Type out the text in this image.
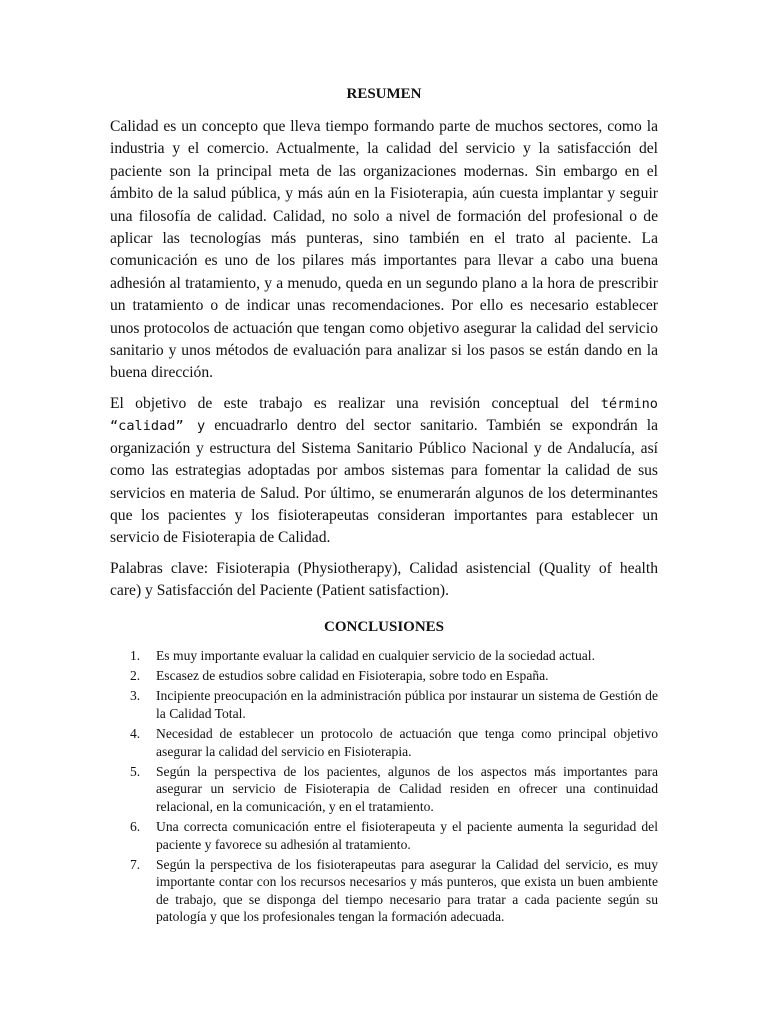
RESUMEN

Calidad es un concepto que lleva tiempo formando parte de muchos sectores, como la industria y el comercio. Actualmente, la calidad del servicio y la satisfacción del paciente son la principal meta de las organizaciones modernas. Sin embargo en el ámbito de la salud pública, y más aún en la Fisioterapia, aún cuesta implantar y seguir una filosofía de calidad. Calidad, no solo a nivel de formación del profesional o de aplicar las tecnologías más punteras, sino también en el trato al paciente. La comunicación es uno de los pilares más importantes para llevar a cabo una buena adhesión al tratamiento, y a menudo, queda en un segundo plano a la hora de prescribir un tratamiento o de indicar unas recomendaciones. Por ello es necesario establecer unos protocolos de actuación que tengan como objetivo asegurar la calidad del servicio sanitario y unos métodos de evaluación para analizar si los pasos se están dando en la buena dirección.

El objetivo de este trabajo es realizar una revisión conceptual del término “calidad” y encuadrarlo dentro del sector sanitario. También se expondrán la organización y estructura del Sistema Sanitario Público Nacional y de Andalucía, así como las estrategias adoptadas por ambos sistemas para fomentar la calidad de sus servicios en materia de Salud. Por último, se enumerarán algunos de los determinantes que los pacientes y los fisioterapeutas consideran importantes para establecer un servicio de Fisioterapia de Calidad.

Palabras clave: Fisioterapia (Physiotherapy), Calidad asistencial (Quality of health care) y Satisfacción del Paciente (Patient satisfaction).

CONCLUSIONES
1.	Es muy importante evaluar la calidad en cualquier servicio de la sociedad actual.
2.	Escasez de estudios sobre calidad en Fisioterapia, sobre todo en España.
3.	Incipiente preocupación en la administración pública por instaurar un sistema de Gestión de la Calidad Total.
4.	Necesidad de establecer un protocolo de actuación que tenga como principal objetivo asegurar la calidad del servicio en Fisioterapia.
5.	Según la perspectiva de los pacientes, algunos de los aspectos más importantes para asegurar un servicio de Fisioterapia de Calidad residen en ofrecer una continuidad relacional, en la comunicación, y en el tratamiento.
6.	Una correcta comunicación entre el fisioterapeuta y el paciente aumenta la seguridad del paciente y favorece su adhesión al tratamiento.
7.	Según la perspectiva de los fisioterapeutas para asegurar la Calidad del servicio, es muy importante contar con los recursos necesarios y más punteros, que exista un buen ambiente de trabajo, que se disponga del tiempo necesario para tratar a cada paciente según su patología y que los profesionales tengan la formación adecuada.
